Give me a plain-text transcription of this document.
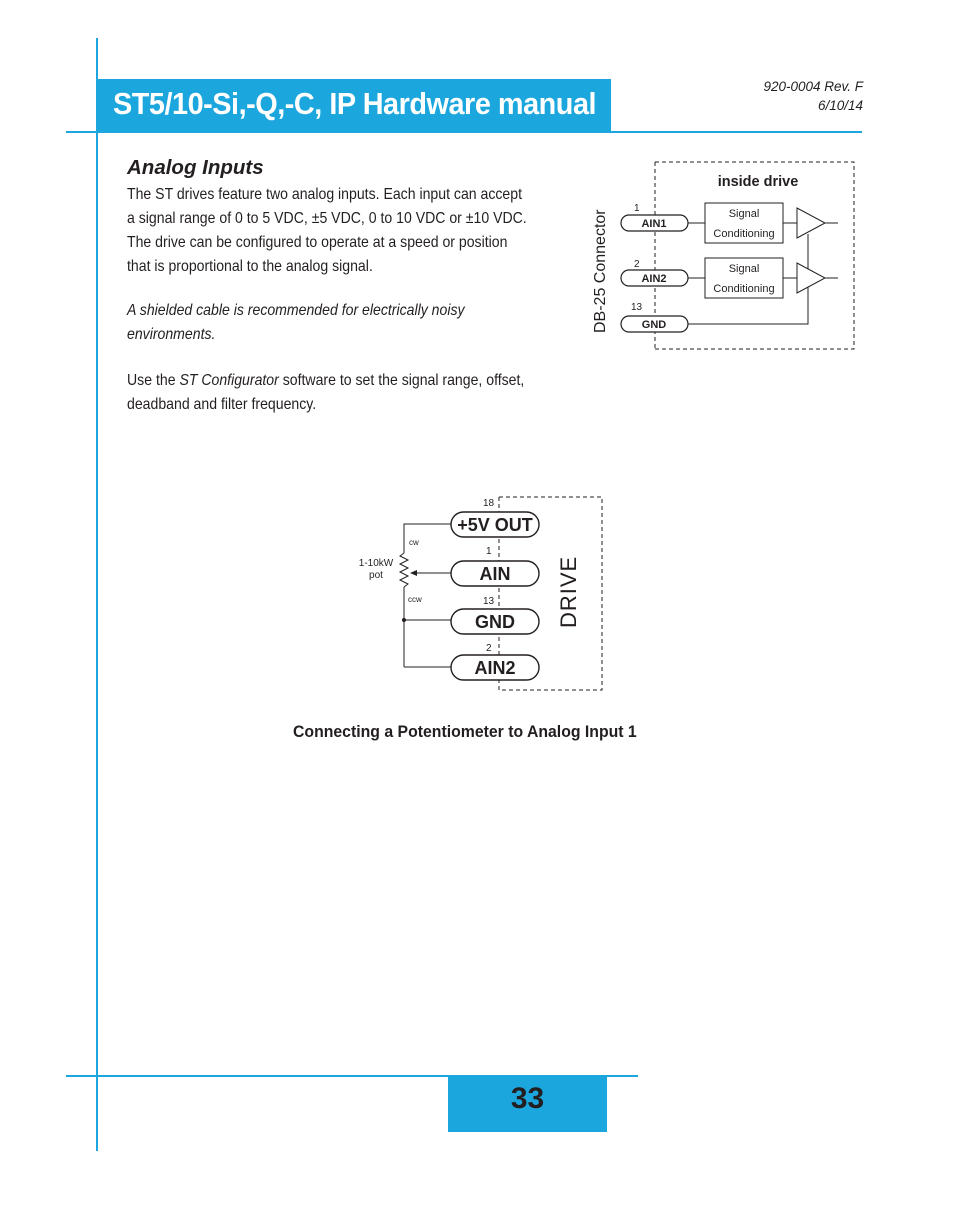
ST5/10-Si,-Q,-C, IP Hardware manual	920-0004 Rev. F
6/10/14
Analog Inputs
The ST drives feature two analog inputs. Each input can accept
a signal range of 0 to 5 VDC, ±5 VDC, 0 to 10 VDC or ±10 VDC.
The drive can be configured to operate at a speed or position
that is proportional to the analog signal.
A shielded cable is recommended for electrically noisy
environments.
Use the ST Configurator software to set the signal range, offset,
deadband and filter frequency.
inside drive
DB-25 Connector
1
2
13
AIN1
AIN2
GND
Signal
Conditioning
Signal
Conditioning
DRIVE
18
1
13
2
+5V OUT
AIN
GND
AIN2
cw
ccw
1-10kW
pot
Connecting a Potentiometer to Analog Input 1
33
